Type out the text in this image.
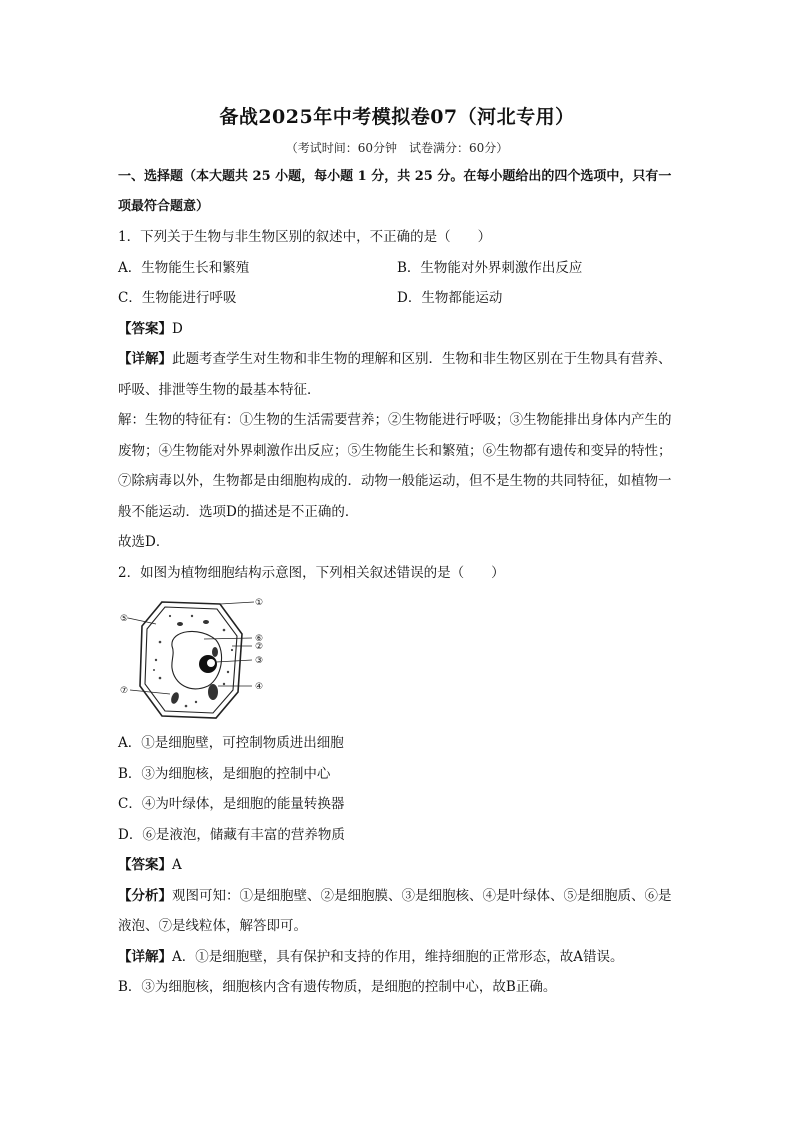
备战2025年中考模拟卷07（河北专用）
（考试时间：60分钟　试卷满分：60分）
一、选择题（本大题共 25 小题，每小题 1 分，共 25 分。在每小题给出的四个选项中，只有一项最符合题意）
1．下列关于生物与非生物区别的叙述中，不正确的是（　　）
A．生物能生长和繁殖	B．生物能对外界刺激作出反应
C．生物能进行呼吸	D．生物都能运动
【答案】D
【详解】此题考查学生对生物和非生物的理解和区别．生物和非生物区别在于生物具有营养、呼吸、排泄等生物的最基本特征．
解：生物的特征有：①生物的生活需要营养；②生物能进行呼吸；③生物能排出身体内产生的废物；④生物能对外界刺激作出反应；⑤生物能生长和繁殖；⑥生物都有遗传和变异的特性；⑦除病毒以外，生物都是由细胞构成的．动物一般能运动，但不是生物的共同特征，如植物一般不能运动．选项D的描述是不正确的．
故选D．
2．如图为植物细胞结构示意图，下列相关叙述错误的是（　　）
①
②
③
④
⑤
⑥
⑦
A．①是细胞壁，可控制物质进出细胞
B．③为细胞核，是细胞的控制中心
C．④为叶绿体，是细胞的能量转换器
D．⑥是液泡，储藏有丰富的营养物质
【答案】A
【分析】观图可知：①是细胞壁、②是细胞膜、③是细胞核、④是叶绿体、⑤是细胞质、⑥是液泡、⑦是线粒体，解答即可。
【详解】A．①是细胞壁，具有保护和支持的作用，维持细胞的正常形态，故A错误。
B．③为细胞核，细胞核内含有遗传物质，是细胞的控制中心，故B正确。
